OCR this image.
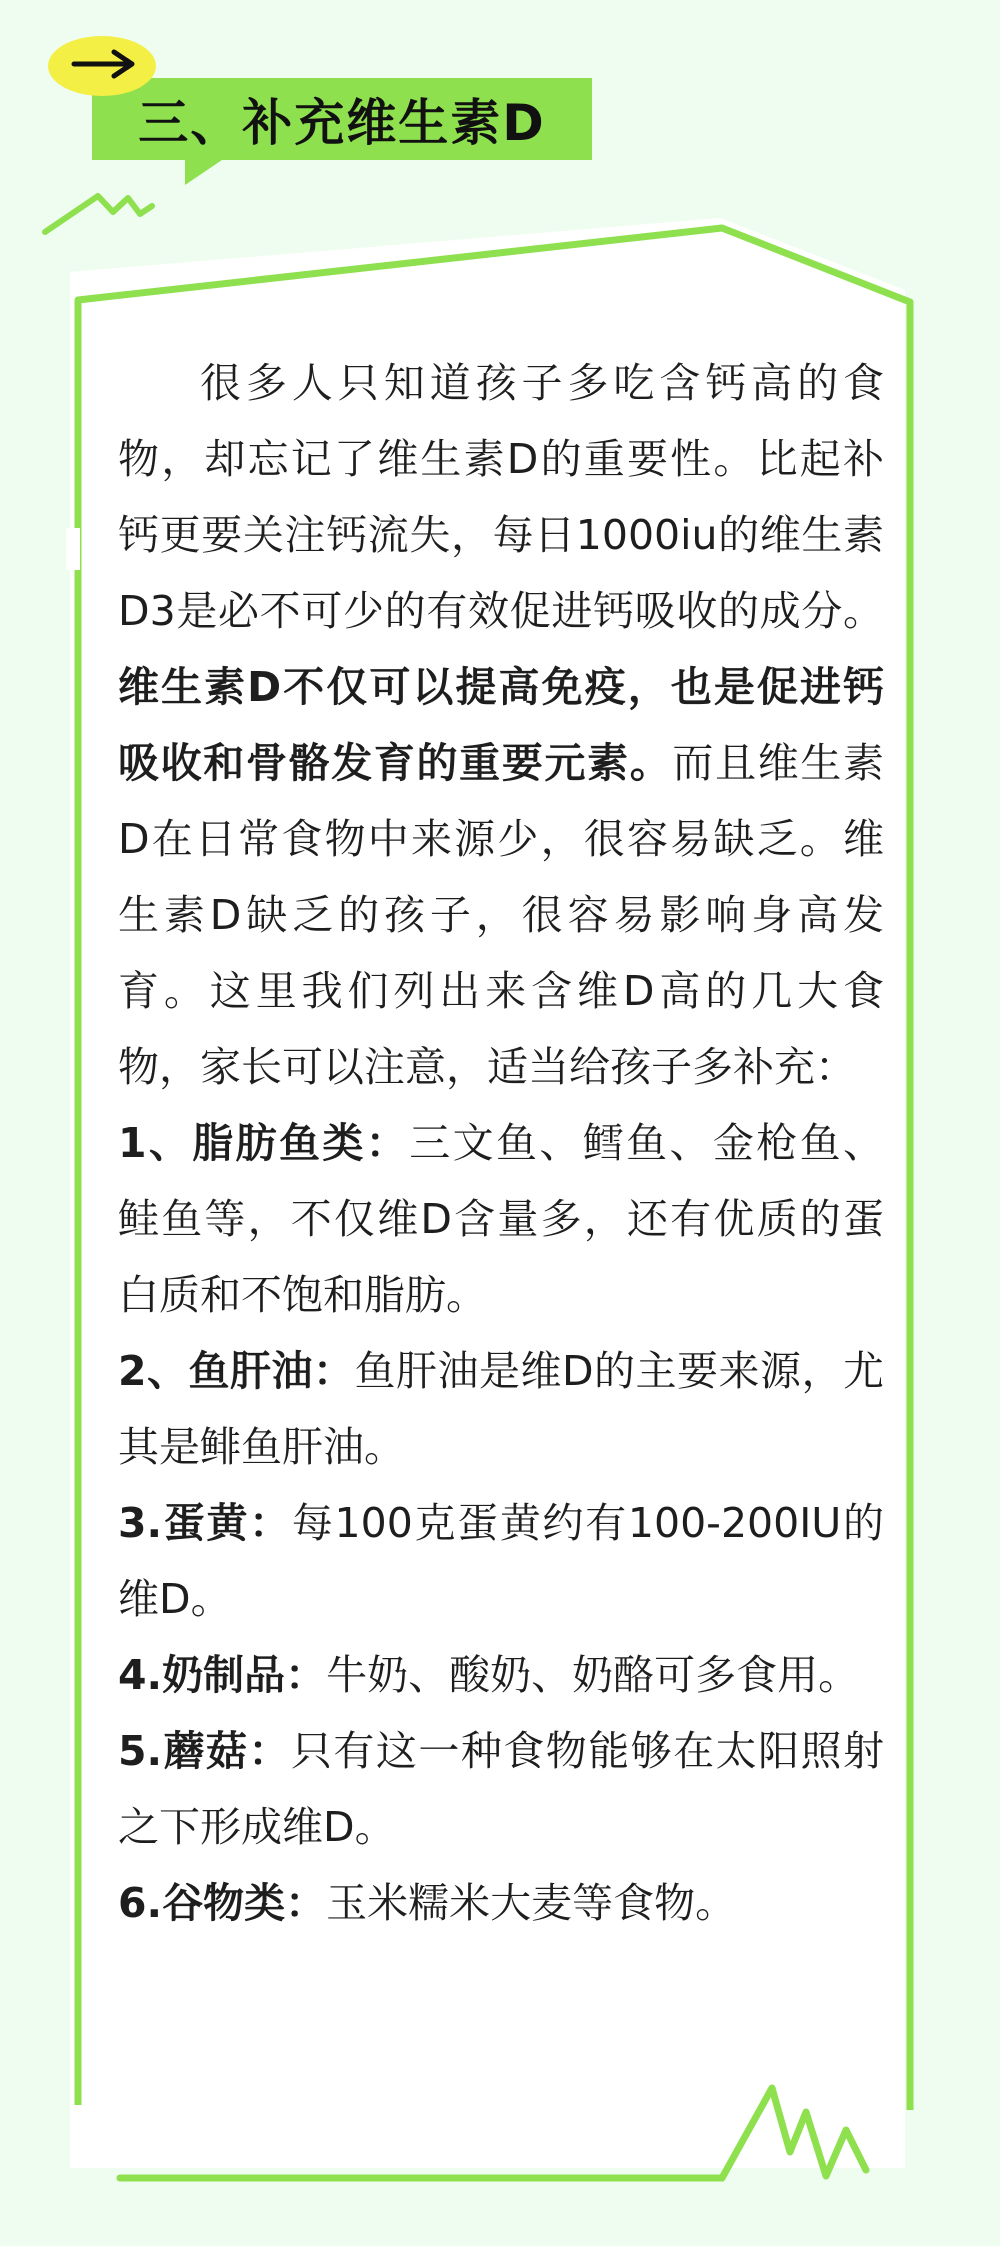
三、补充维生素D

很多人只知道孩子多吃含钙高的食物，却忘记了维生素D的重要性。比起补钙更要关注钙流失，每日1000iu的维生素D3是必不可少的有效促进钙吸收的成分。维生素D不仅可以提高免疫，也是促进钙吸收和骨骼发育的重要元素。而且维生素D在日常食物中来源少，很容易缺乏。维生素D缺乏的孩子，很容易影响身高发育。这里我们列出来含维D高的几大食物，家长可以注意，适当给孩子多补充：

1、脂肪鱼类：三文鱼、鳕鱼、金枪鱼、鲑鱼等，不仅维D含量多，还有优质的蛋白质和不饱和脂肪。

2、鱼肝油：鱼肝油是维D的主要来源，尤其是鲱鱼肝油。

3.蛋黄：每100克蛋黄约有100-200IU的维D。

4.奶制品：牛奶、酸奶、奶酪可多食用。

5.蘑菇：只有这一种食物能够在太阳照射之下形成维D。

6.谷物类：玉米糯米大麦等食物。
